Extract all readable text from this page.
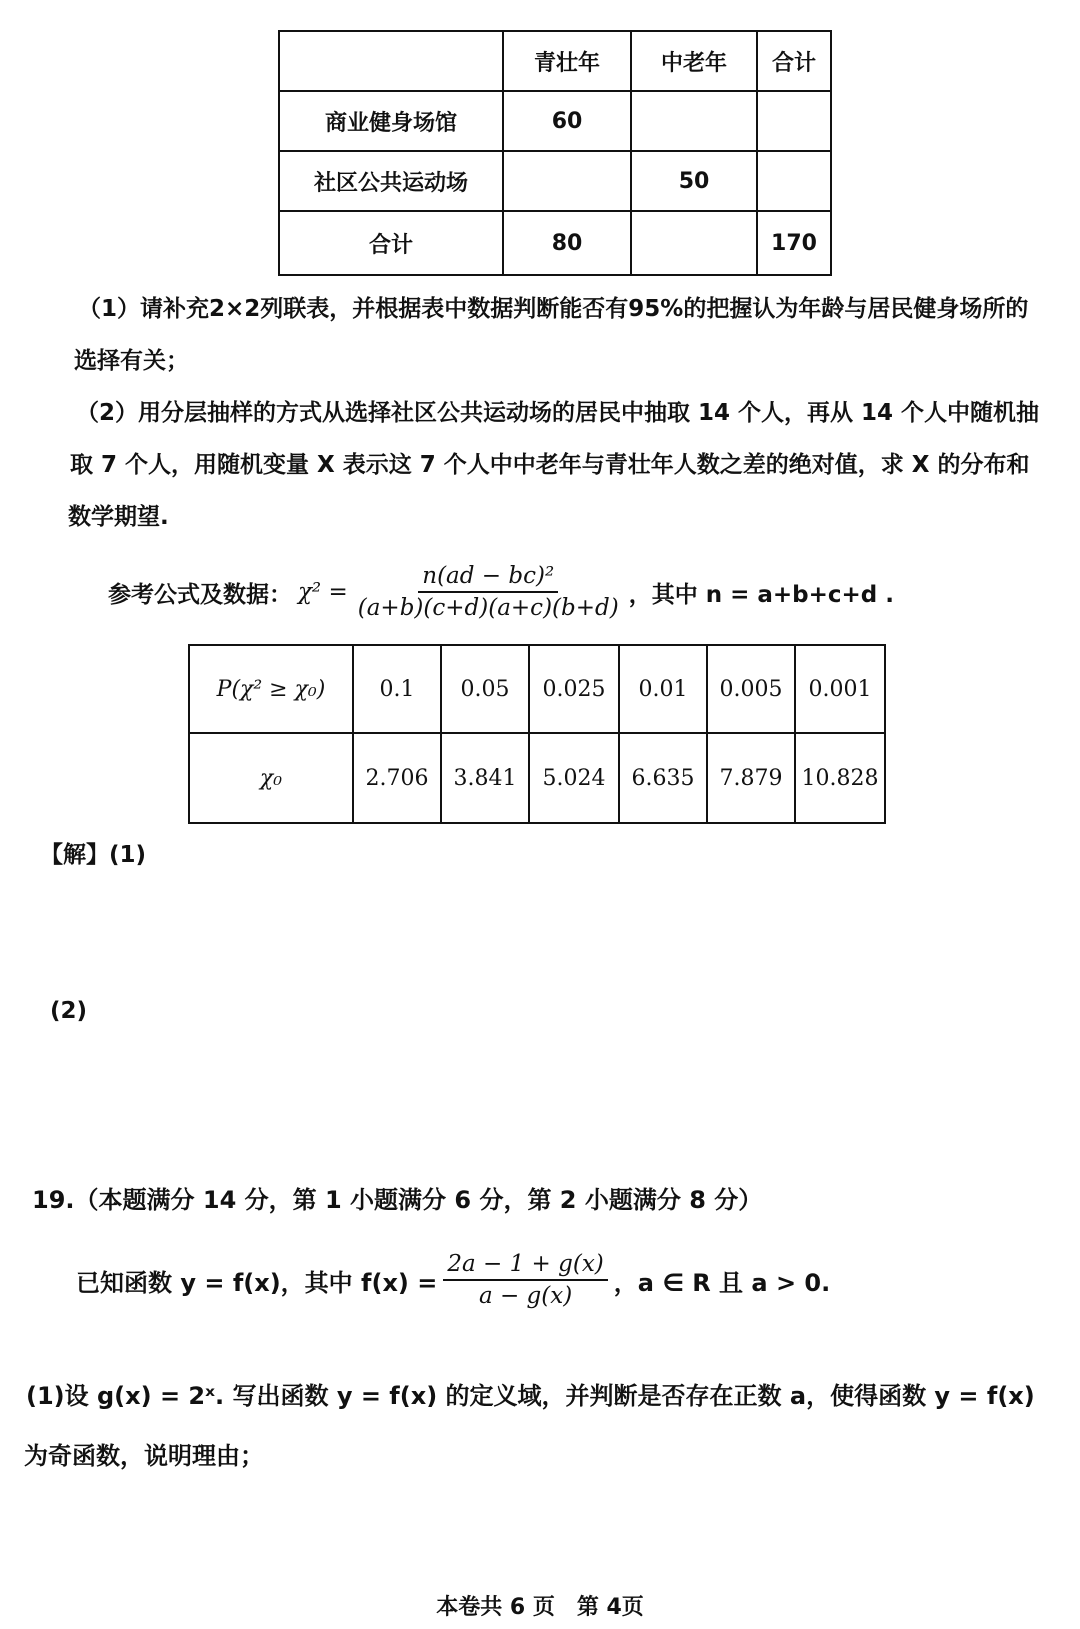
	青壮年	中老年	合计
商业健身场馆	60		
社区公共运动场		50	
合计	80		170
（1）请补充2×2列联表，并根据表中数据判断能否有95%的把握认为年龄与居民健身场所的
选择有关；
（2）用分层抽样的方式从选择社区公共运动场的居民中抽取 14 个人，再从 14 个人中随机抽
取 7 个人，用随机变量 X 表示这 7 个人中中老年与青壮年人数之差的绝对值，求 X 的分布和
数学期望.
参考公式及数据： $\chi^2 = \frac{\text{n(ad − bc)²}}{(a+b)(c+d)(a+c)(b+d)}$ ，其中 n = a+b+c+d .
P(χ² ≥ χ₀)	0.1	0.05	0.025	0.01	0.005	0.001
χ₀	2.706	3.841	5.024	6.635	7.879	10.828
【解】(1)
(2)
19.（本题满分 14 分，第 1 小题满分 6 分，第 2 小题满分 8 分）
已知函数 y = f(x)，其中 $f(x) = \frac{2a - 1 + g(x)}{a - g(x)}$ ，a ∈ R 且 a > 0.
(1)设 g(x) = 2ˣ. 写出函数 y = f(x) 的定义域，并判断是否存在正数 a，使得函数 y = f(x)
为奇函数，说明理由；
本卷共 6 页　第 4页
